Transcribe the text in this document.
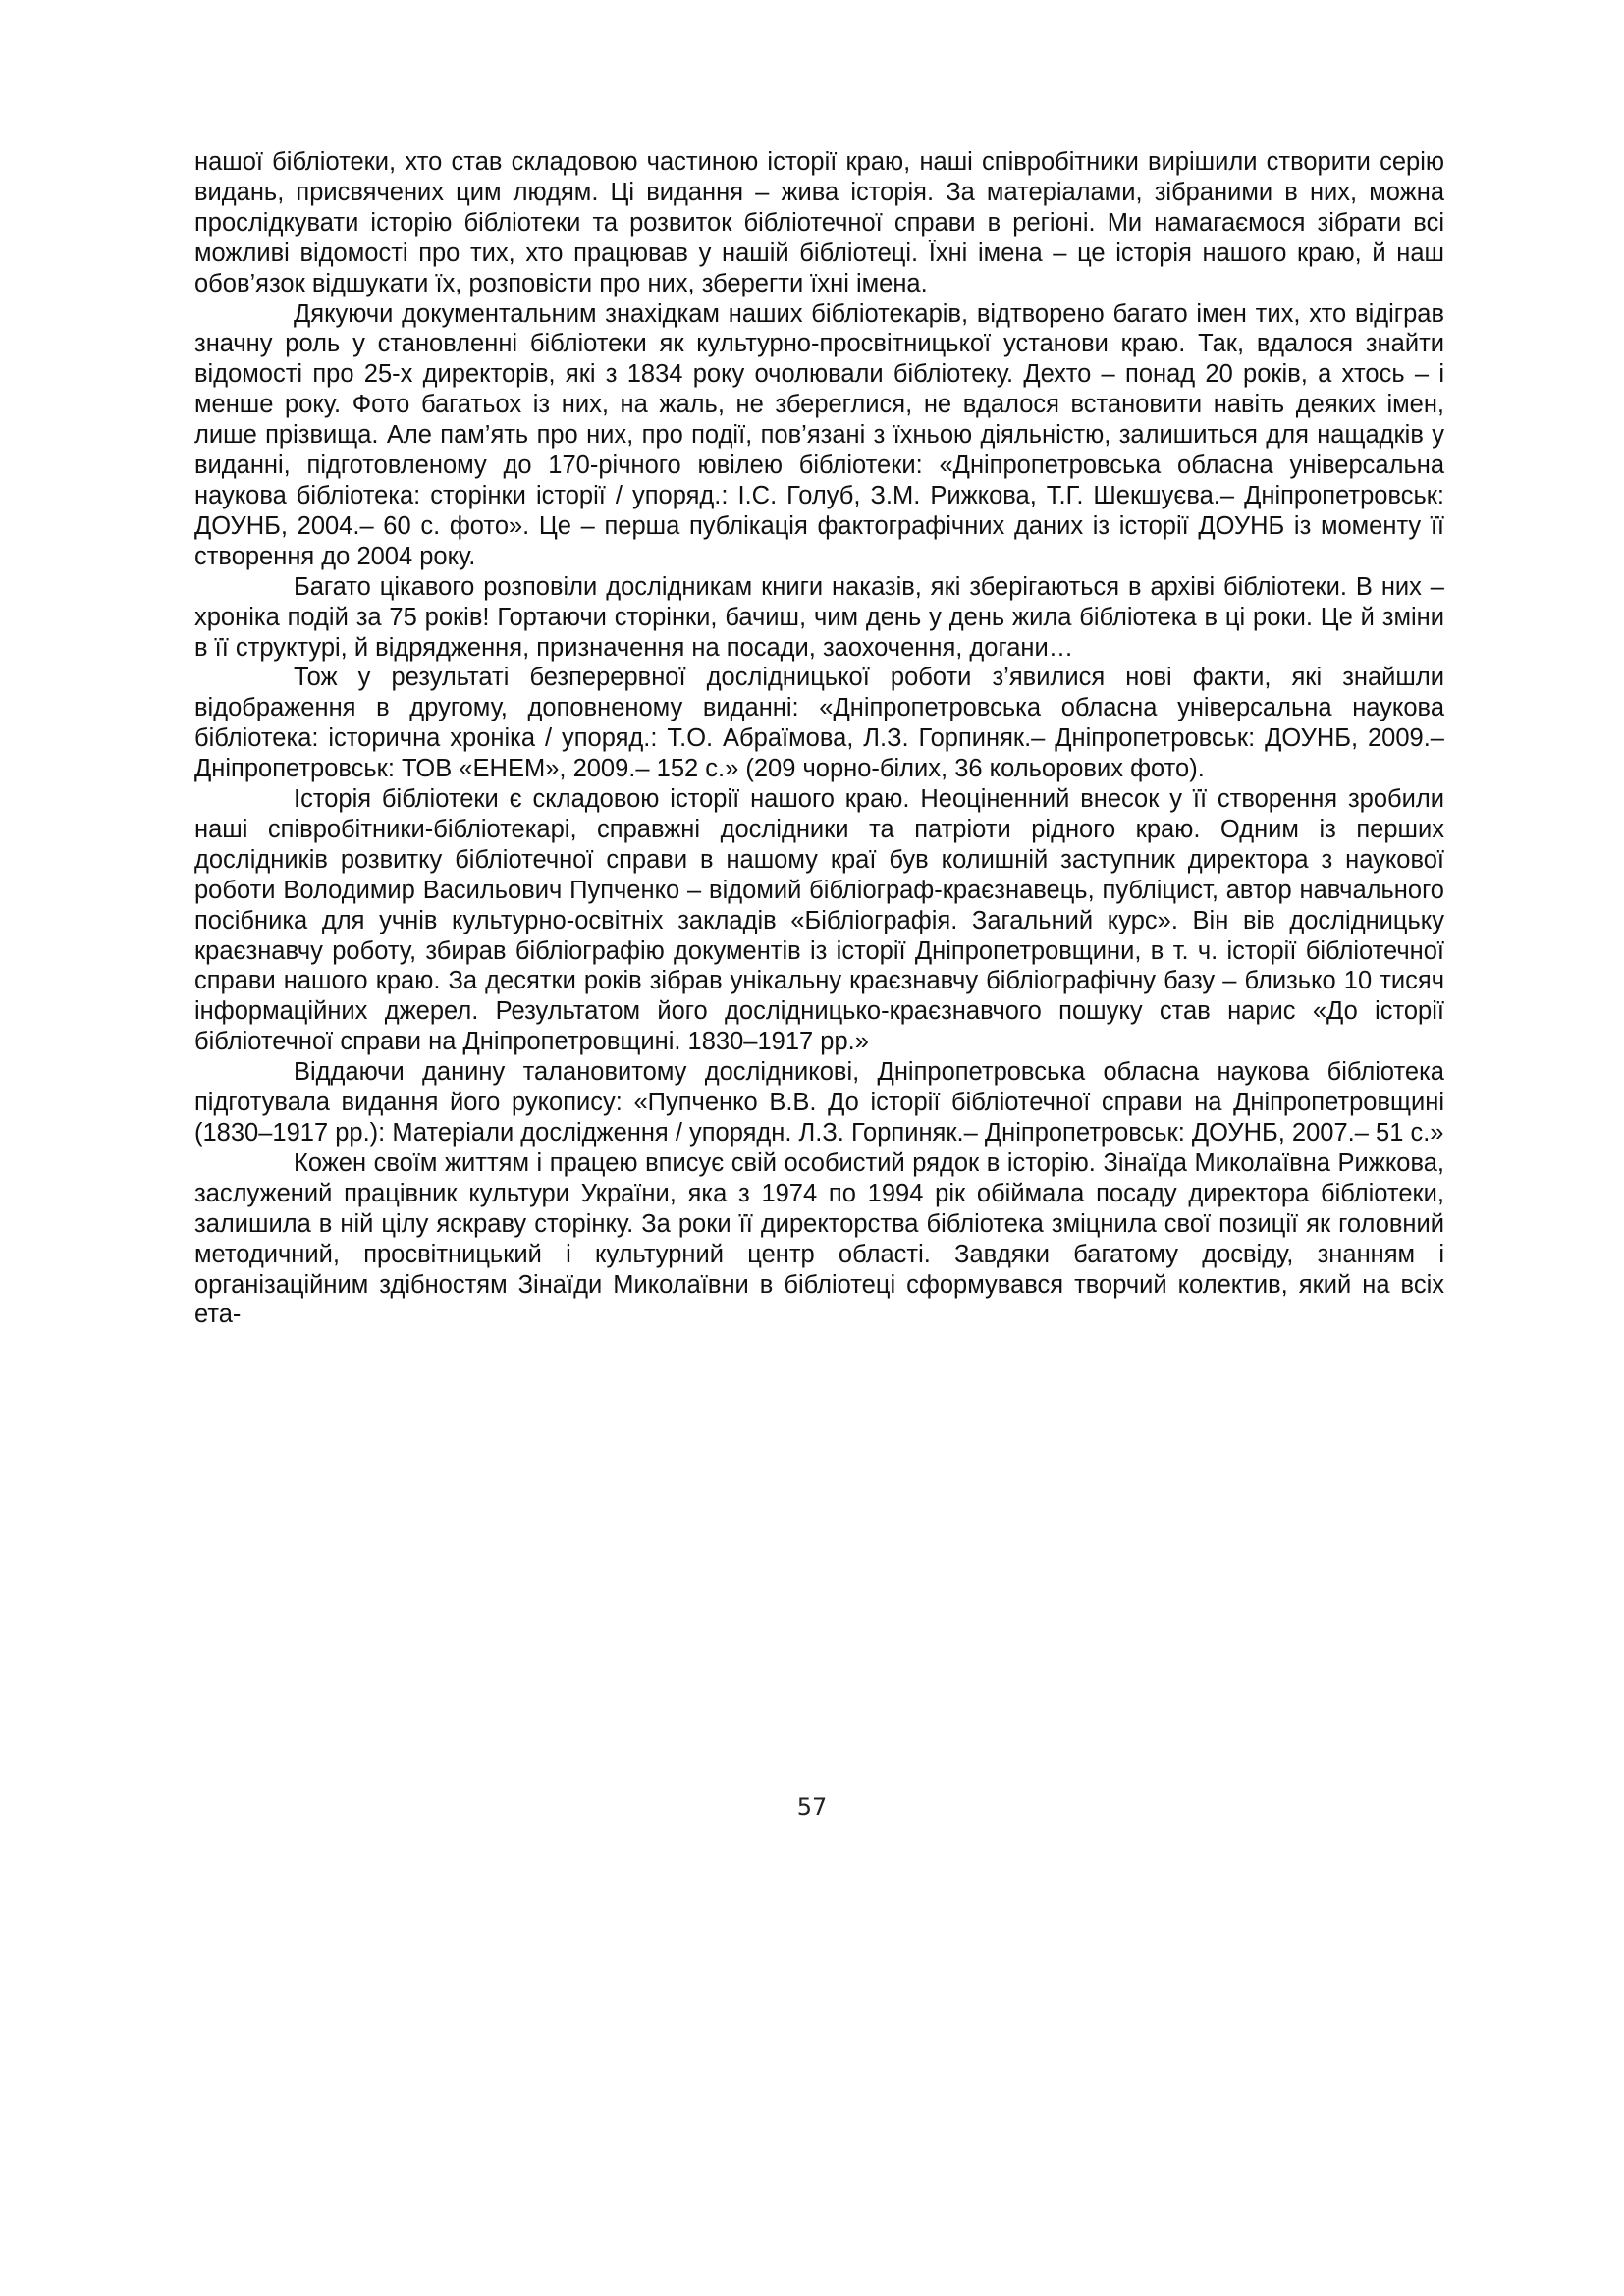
нашої бібліотеки, хто став складовою частиною історії краю, наші співробітники вирішили створити серію видань, присвячених цим людям. Ці видання – жива історія. За матеріалами, зібраними в них, можна прослідкувати історію бібліотеки та розвиток бібліотечної справи в регіоні. Ми намагаємося зібрати всі можливі відомості про тих, хто працював у нашій бібліотеці. Їхні імена – це історія нашого краю, й наш обов’язок відшукати їх, розповісти про них, зберегти їхні імена.

Дякуючи документальним знахідкам наших бібліотекарів, відтворено багато імен тих, хто відіграв значну роль у становленні бібліотеки як культурно-просвітницької установи краю. Так, вдалося знайти відомості про 25-х директорів, які з 1834 року очолювали бібліотеку. Дехто – понад 20 років, а хтось – і менше року. Фото багатьох із них, на жаль, не збереглися, не вдалося встановити навіть деяких імен, лише прізвища. Але пам’ять про них, про події, пов’язані з їхньою діяльністю, залишиться для нащадків у виданні, підготовленому до 170-річного ювілею бібліотеки: «Дніпропетровська обласна універсальна наукова бібліотека: сторінки історії / упоряд.: І.С. Голуб, З.М. Рижкова, Т.Г. Шекшуєва.– Дніпропетровськ: ДОУНБ, 2004.– 60 с. фото». Це – перша публікація фактографічних даних із історії ДОУНБ із моменту її створення до 2004 року.

Багато цікавого розповіли дослідникам книги наказів, які зберігаються в архіві бібліотеки. В них – хроніка подій за 75 років! Гортаючи сторінки, бачиш, чим день у день жила бібліотека в ці роки. Це й зміни в її структурі, й відрядження, призначення на посади, заохочення, догани…

Тож у результаті безперервної дослідницької роботи з’явилися нові факти, які знайшли відображення в другому, доповненому виданні: «Дніпропетровська обласна універсальна наукова бібліотека: історична хроніка / упоряд.: Т.О. Абраїмова, Л.З. Горпиняк.– Дніпропетровськ: ДОУНБ, 2009.– Дніпропетровськ: ТОВ «ЕНЕМ», 2009.– 152 с.» (209 чорно-білих, 36 кольорових фото).

Історія бібліотеки є складовою історії нашого краю. Неоціненний внесок у її створення зробили наші співробітники-бібліотекарі, справжні дослідники та патріоти рідного краю. Одним із перших дослідників розвитку бібліотечної справи в нашому краї був колишній заступник директора з наукової роботи Володимир Васильович Пупченко – відомий бібліограф-краєзнавець, публіцист, автор навчального посібника для учнів культурно-освітніх закладів «Бібліографія. Загальний курс». Він вів дослідницьку краєзнавчу роботу, збирав бібліографію документів із історії Дніпропетровщини, в т. ч. історії бібліотечної справи нашого краю. За десятки років зібрав унікальну краєзнавчу бібліографічну базу – близько 10 тисяч інформаційних джерел. Результатом його дослідницько-краєзнавчого пошуку став нарис «До історії бібліотечної справи на Дніпропетровщині. 1830–1917 рр.»

Віддаючи данину талановитому дослідникові, Дніпропетровська обласна наукова бібліотека підготувала видання його рукопису: «Пупченко В.В. До історії бібліотечної справи на Дніпропетровщині (1830–1917 рр.): Матеріали дослідження / упорядн. Л.З. Горпиняк.– Дніпропетровськ: ДОУНБ, 2007.– 51 с.»

Кожен своїм життям і працею вписує свій особистий рядок в історію. Зінаїда Миколаївна Рижкова, заслужений працівник культури України, яка з 1974 по 1994 рік обіймала посаду директора бібліотеки, залишила в ній цілу яскраву сторінку. За роки її директорства бібліотека зміцнила свої позиції як головний методичний, просвітницький і культурний центр області. Завдяки багатому досвіду, знанням і організаційним здібностям Зінаїди Миколаївни в бібліотеці сформувався творчий колектив, який на всіх ета-

57
